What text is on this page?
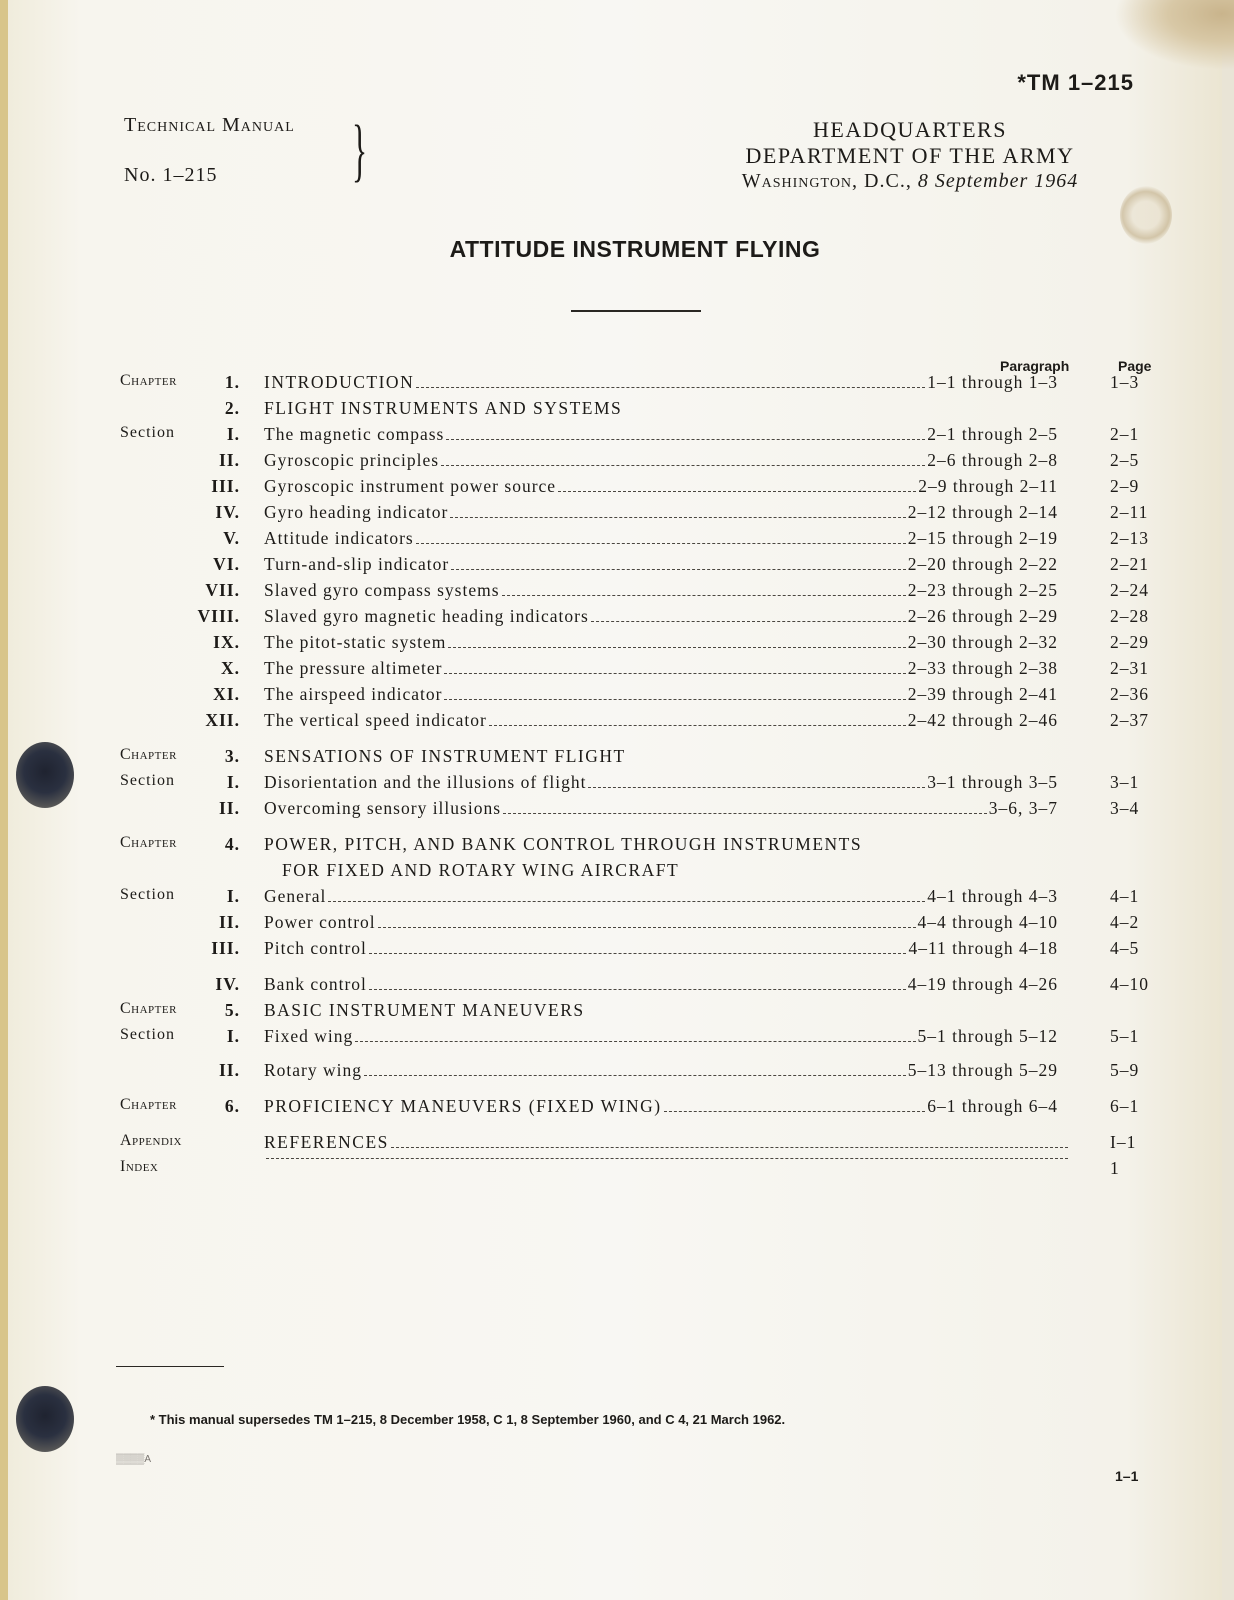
*TM 1–215
Technical Manual
No. 1–215 }	HEADQUARTERS
DEPARTMENT OF THE ARMY
Washington, D.C., 8 September 1964
ATTITUDE INSTRUMENT FLYING
Paragraph	Page
Chapter	1. INTRODUCTION	1–1 through 1–3	1–3
2. FLIGHT INSTRUMENTS AND SYSTEMS
Section	I. The magnetic compass	2–1 through 2–5	2–1
II. Gyroscopic principles	2–6 through 2–8	2–5
III. Gyroscopic instrument power source	2–9 through 2–11	2–9
IV. Gyro heading indicator	2–12 through 2–14	2–11
V. Attitude indicators	2–15 through 2–19	2–13
VI. Turn-and-slip indicator	2–20 through 2–22	2–21
VII. Slaved gyro compass systems	2–23 through 2–25	2–24
VIII. Slaved gyro magnetic heading indicators	2–26 through 2–29	2–28
IX. The pitot-static system	2–30 through 2–32	2–29
X. The pressure altimeter	2–33 through 2–38	2–31
XI. The airspeed indicator	2–39 through 2–41	2–36
XII. The vertical speed indicator	2–42 through 2–46	2–37
Chapter	3. SENSATIONS OF INSTRUMENT FLIGHT
Section	I. Disorientation and the illusions of flight	3–1 through 3–5	3–1
II. Overcoming sensory illusions	3–6, 3–7	3–4
Chapter	4. POWER, PITCH, AND BANK CONTROL THROUGH INSTRUMENTS
FOR FIXED AND ROTARY WING AIRCRAFT
Section	I. General	4–1 through 4–3	4–1
II. Power control	4–4 through 4–10	4–2
III. Pitch control	4–11 through 4–18	4–5
IV. Bank control	4–19 through 4–26	4–10
Chapter	5. BASIC INSTRUMENT MANEUVERS
Section	I. Fixed wing	5–1 through 5–12	5–1
II. Rotary wing	5–13 through 5–29	5–9
Chapter	6. PROFICIENCY MANEUVERS (FIXED WING)	6–1 through 6–4	6–1
Appendix	REFERENCES	I–1
Index	1
* This manual supersedes TM 1–215, 8 December 1958, C 1, 8 September 1960, and C 4, 21 March 1962.
▒▒▒▒A
1–1
